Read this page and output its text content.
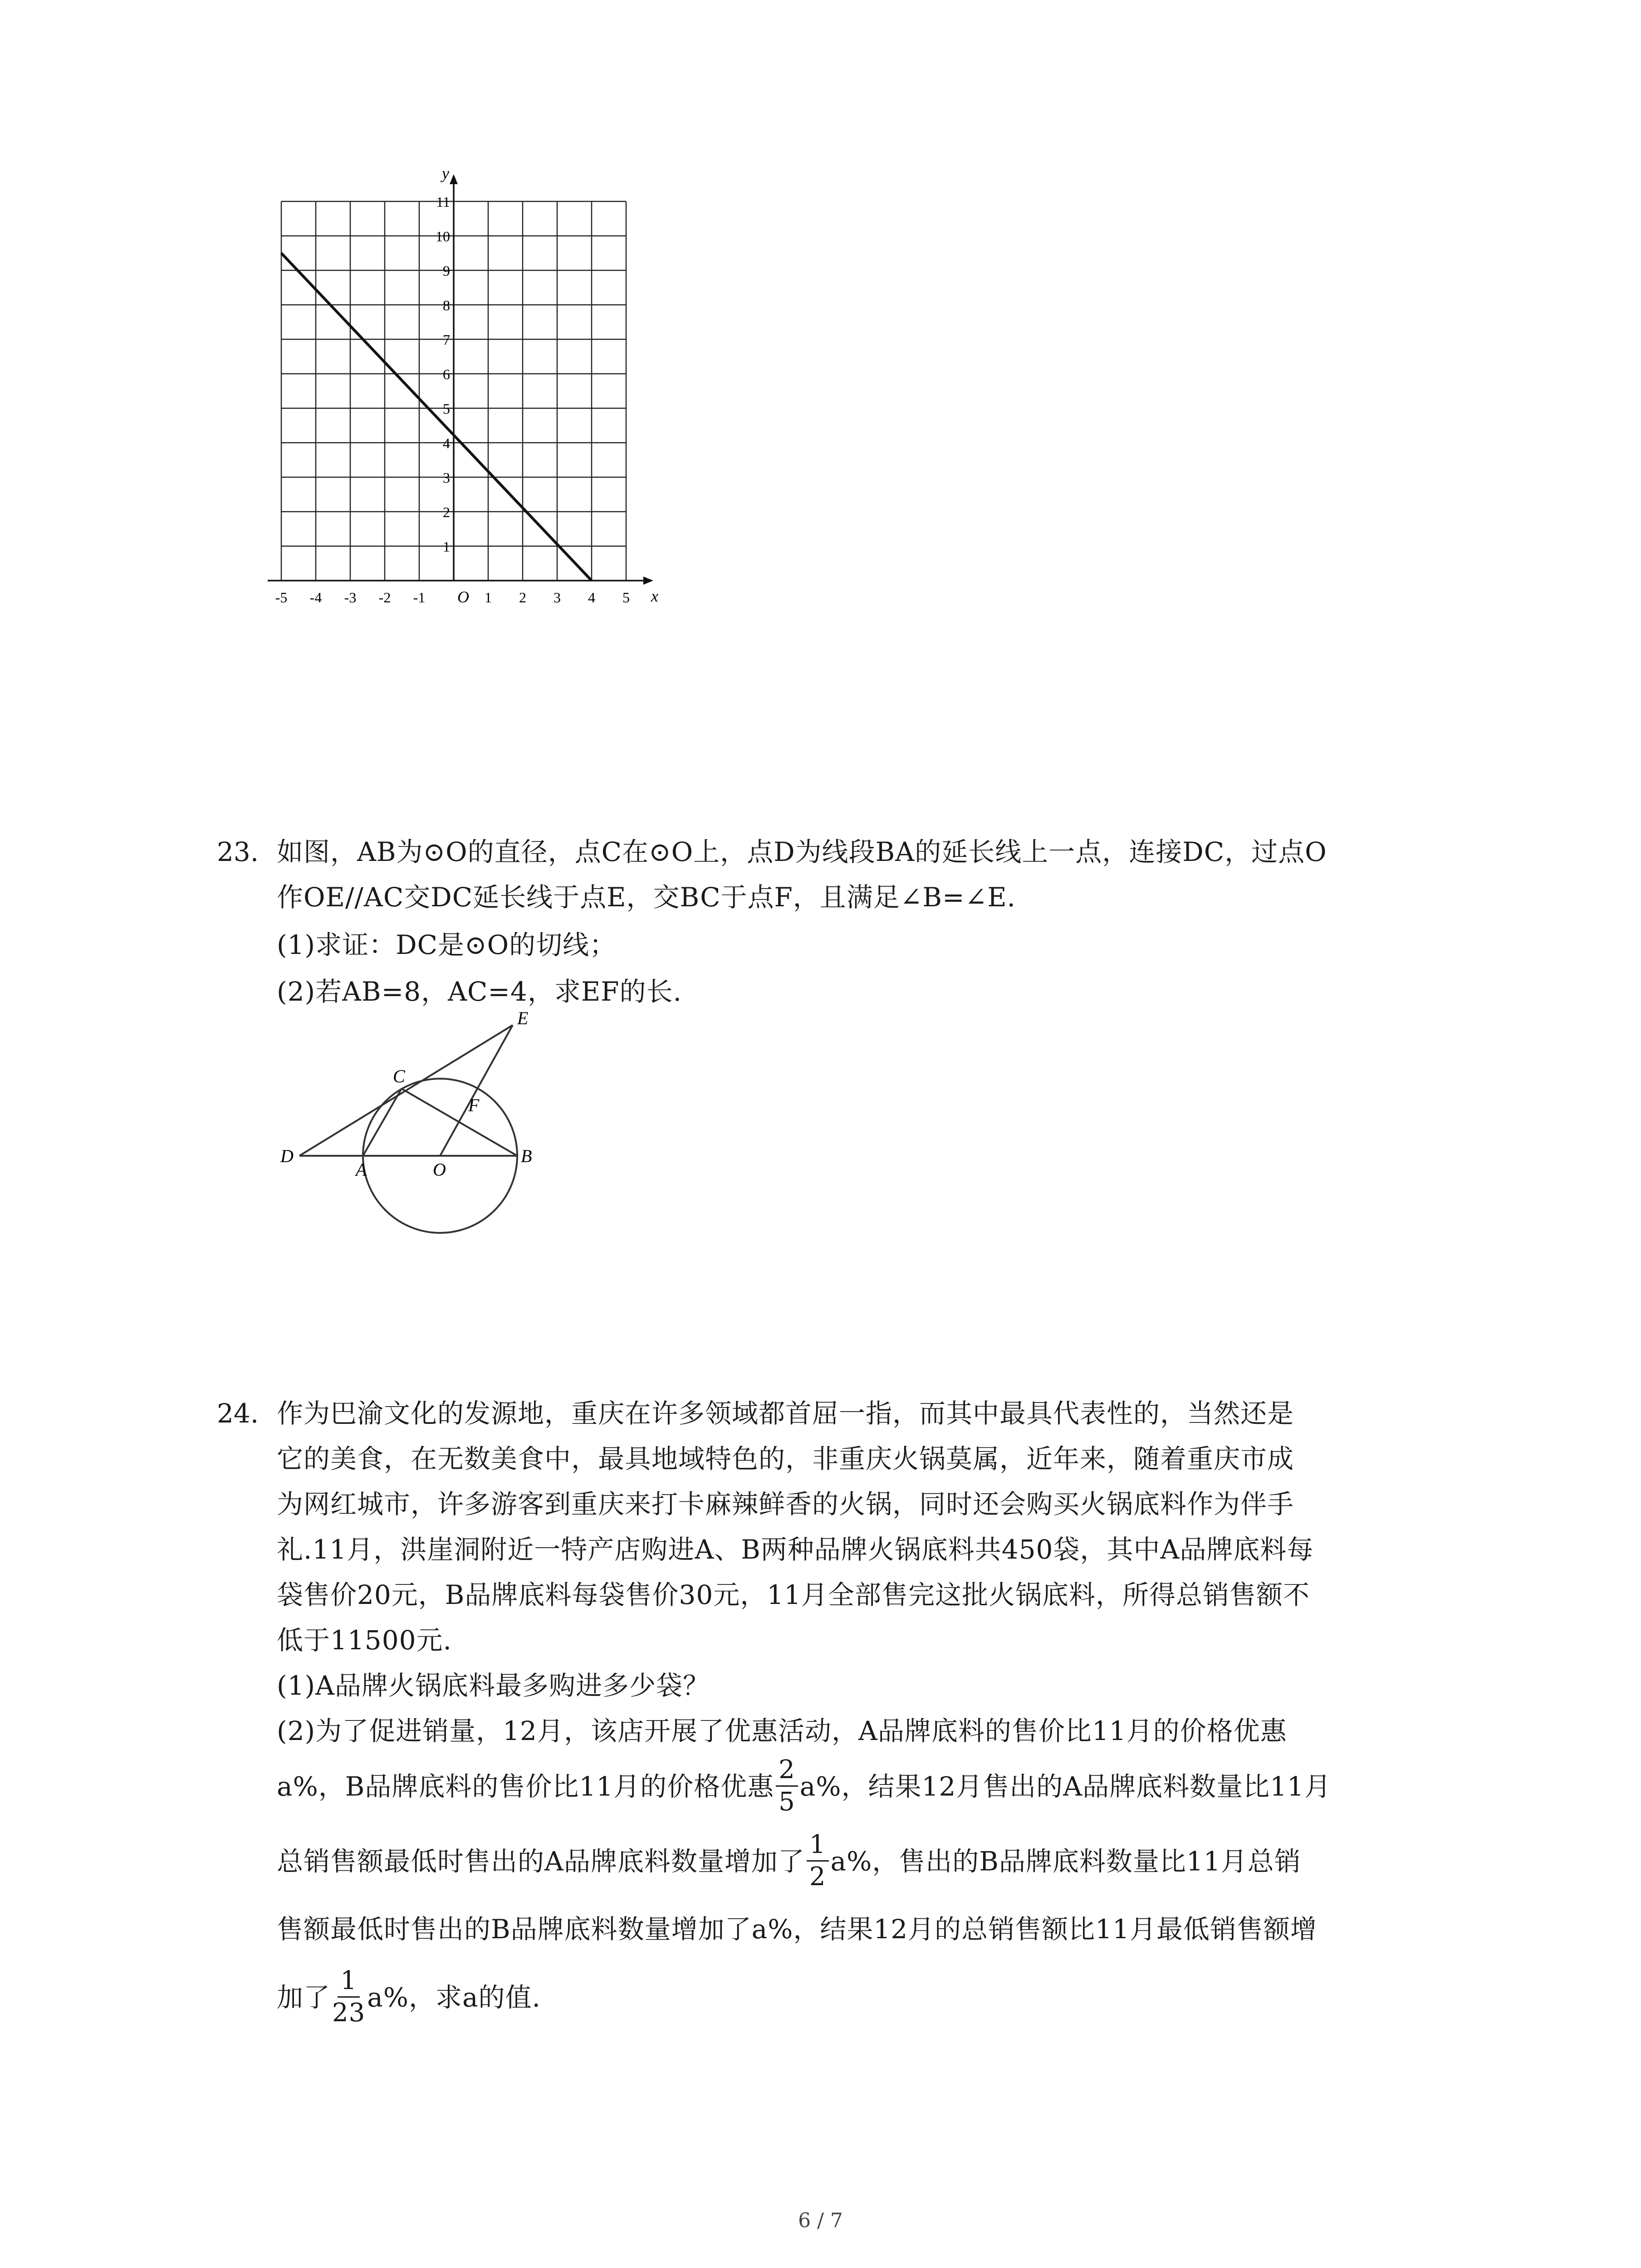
x
y
O
1
2
3
4
5
6
7
8
9
10
11
-5 -4 -3 -2 -1	1 2 3 4 5
23. 如图，AB为⊙O的直径，点C在⊙O上，点D为线段BA的延长线上一点，连接DC，过点O
作OE//AC交DC延长线于点E，交BC于点F，且满足∠B=∠E.
(1)求证：DC是⊙O的切线；
(2)若AB=8，AC=4，求EF的长.
E
C
F
D
A	O
B
24. 作为巴渝文化的发源地，重庆在许多领域都首屈一指，而其中最具代表性的，当然还是
它的美食，在无数美食中，最具地域特色的，非重庆火锅莫属，近年来，随着重庆市成
为网红城市，许多游客到重庆来打卡麻辣鲜香的火锅，同时还会购买火锅底料作为伴手
礼.11月，洪崖洞附近一特产店购进A、B两种品牌火锅底料共450袋，其中A品牌底料每
袋售价20元，B品牌底料每袋售价30元，11月全部售完这批火锅底料，所得总销售额不
低于11500元.
(1)A品牌火锅底料最多购进多少袋？
(2)为了促进销量，12月，该店开展了优惠活动，A品牌底料的售价比11月的价格优惠
a%，B品牌底料的售价比11月的价格优惠 $\frac{2}{5} a\%$，结果12月售出的A品牌底料数量比11月
总销售额最低时售出的A品牌底料数量增加了 $\frac{1}{2} a\%$，售出的B品牌底料数量比11月总销
售额最低时售出的B品牌底料数量增加了a%，结果12月的总销售额比11月最低销售额增
加了 $\frac{1}{23} a\%$，求a的值.
6 / 7
